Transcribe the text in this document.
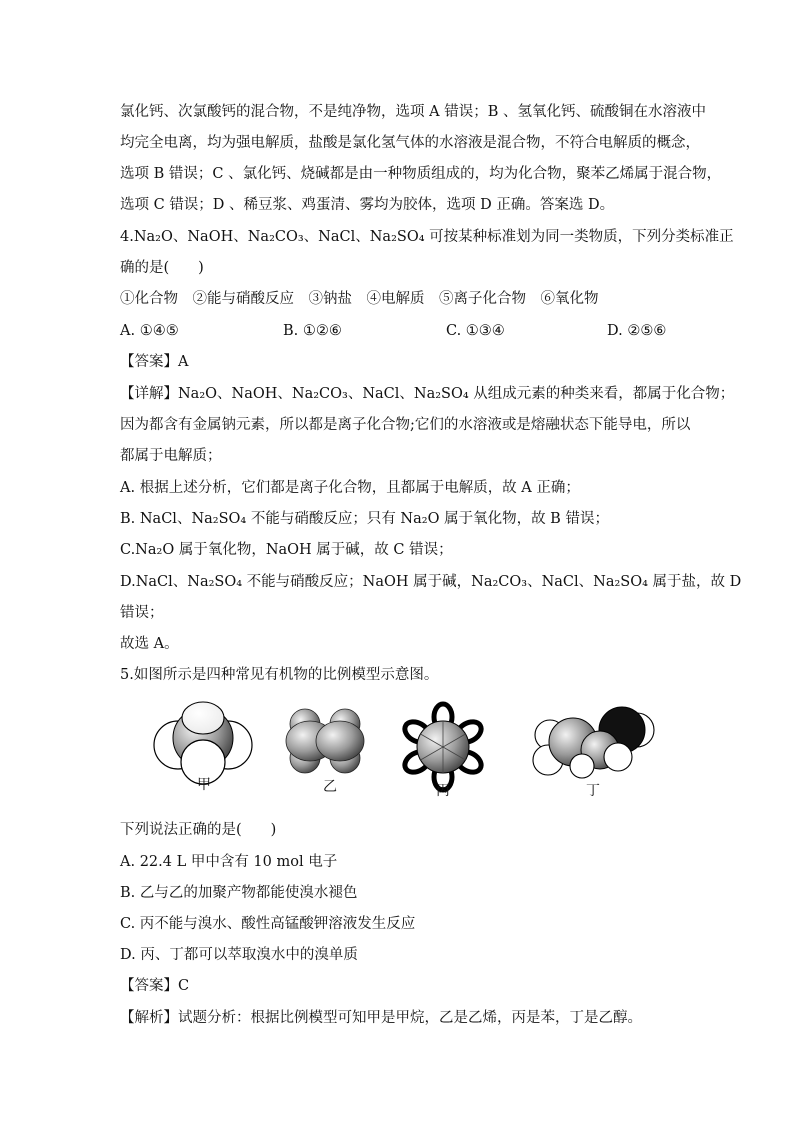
氯化钙、次氯酸钙的混合物，不是纯净物，选项 A 错误；B 、氢氧化钙、硫酸铜在水溶液中
均完全电离，均为强电解质，盐酸是氯化氢气体的水溶液是混合物，不符合电解质的概念，
选项 B 错误；C 、氯化钙、烧碱都是由一种物质组成的，均为化合物，聚苯乙烯属于混合物，
选项 C 错误；D 、稀豆浆、鸡蛋清、雾均为胶体，选项 D 正确。答案选 D。
4.Na₂O、NaOH、Na₂CO₃、NaCl、Na₂SO₄ 可按某种标准划为同一类物质，下列分类标准正
确的是(　　)
①化合物　②能与硝酸反应　③钠盐　④电解质　⑤离子化合物　⑥氧化物
A. ①④⑤	B. ①②⑥	C. ①③④	D. ②⑤⑥
【答案】A
【详解】Na₂O、NaOH、Na₂CO₃、NaCl、Na₂SO₄ 从组成元素的种类来看，都属于化合物；
因为都含有金属钠元素，所以都是离子化合物;它们的水溶液或是熔融状态下能导电，所以
都属于电解质；
A. 根据上述分析，它们都是离子化合物，且都属于电解质，故 A 正确；
B. NaCl、Na₂SO₄ 不能与硝酸反应；只有 Na₂O 属于氧化物，故 B 错误；
C.Na₂O 属于氧化物，NaOH 属于碱，故 C 错误；
D.NaCl、Na₂SO₄ 不能与硝酸反应；NaOH 属于碱，Na₂CO₃、NaCl、Na₂SO₄ 属于盐，故 D
错误；
故选 A。
5.如图所示是四种常见有机物的比例模型示意图。
甲	乙	丙	丁
下列说法正确的是(　　)
A. 22.4 L 甲中含有 10 mol 电子
B. 乙与乙的加聚产物都能使溴水褪色
C. 丙不能与溴水、酸性高锰酸钾溶液发生反应
D. 丙、丁都可以萃取溴水中的溴单质
【答案】C
【解析】试题分析：根据比例模型可知甲是甲烷，乙是乙烯，丙是苯，丁是乙醇。
